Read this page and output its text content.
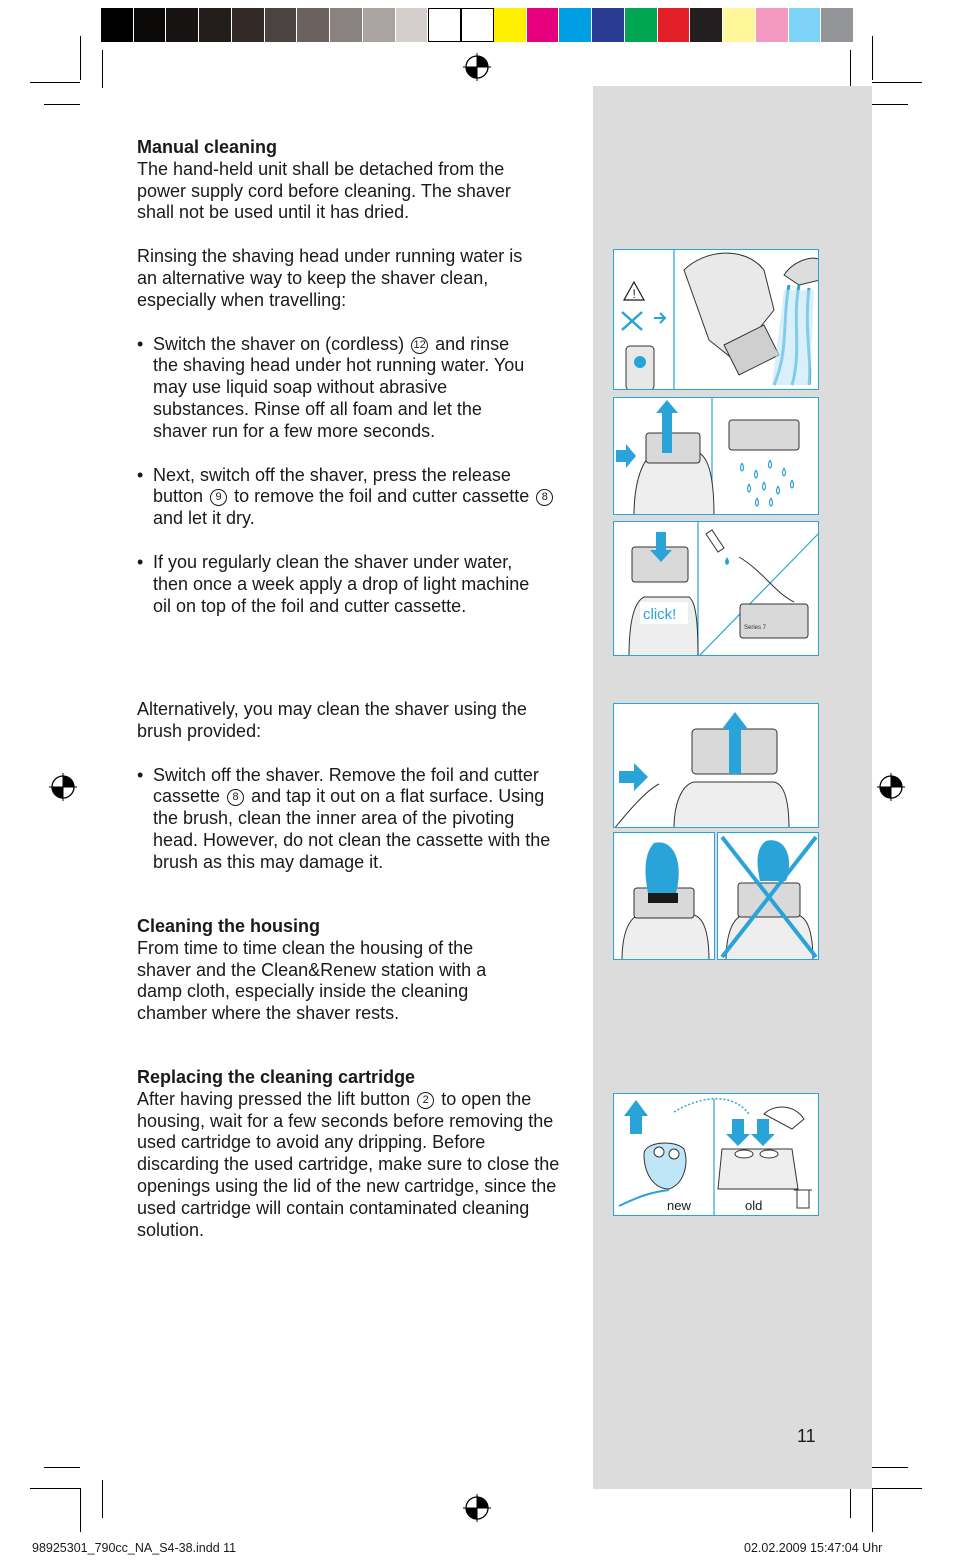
!
click!
Series 7
new	old
Manual cleaning

The hand-held unit shall be detached from the power supply cord before cleaning. The shaver shall not be used until it has dried.

Rinsing the shaving head under running water is an alternative way to keep the shaver clean, especially when travelling:

• Switch the shaver on (cordless) 12 and rinse the shaving head under hot running water. You may use liquid soap without abrasive substances. Rinse off all foam and let the shaver run for a few more seconds.

• Next, switch off the shaver, press the release button 9 to remove the foil and cutter cassette 8 and let it dry.

• If you regularly clean the shaver under water, then once a week apply a drop of light machine oil on top of the foil and cutter cassette.

Alternatively, you may clean the shaver using the brush provided:

• Switch off the shaver. Remove the foil and cutter cassette 8 and tap it out on a flat surface. Using the brush, clean the inner area of the pivoting head. However, do not clean the cassette with the brush as this may damage it.

Cleaning the housing

From time to time clean the housing of the shaver and the Clean&Renew station with a damp cloth, especially inside the cleaning chamber where the shaver rests.

Replacing the cleaning cartridge

After having pressed the lift button 2 to open the housing, wait for a few seconds before removing the used cartridge to avoid any dripping. Before discarding the used cartridge, make sure to close the openings using the lid of the new cartridge, since the used cartridge will contain contaminated cleaning solution.

11
98925301_790cc_NA_S4-38.indd 11	02.02.2009 15:47:04 Uhr
